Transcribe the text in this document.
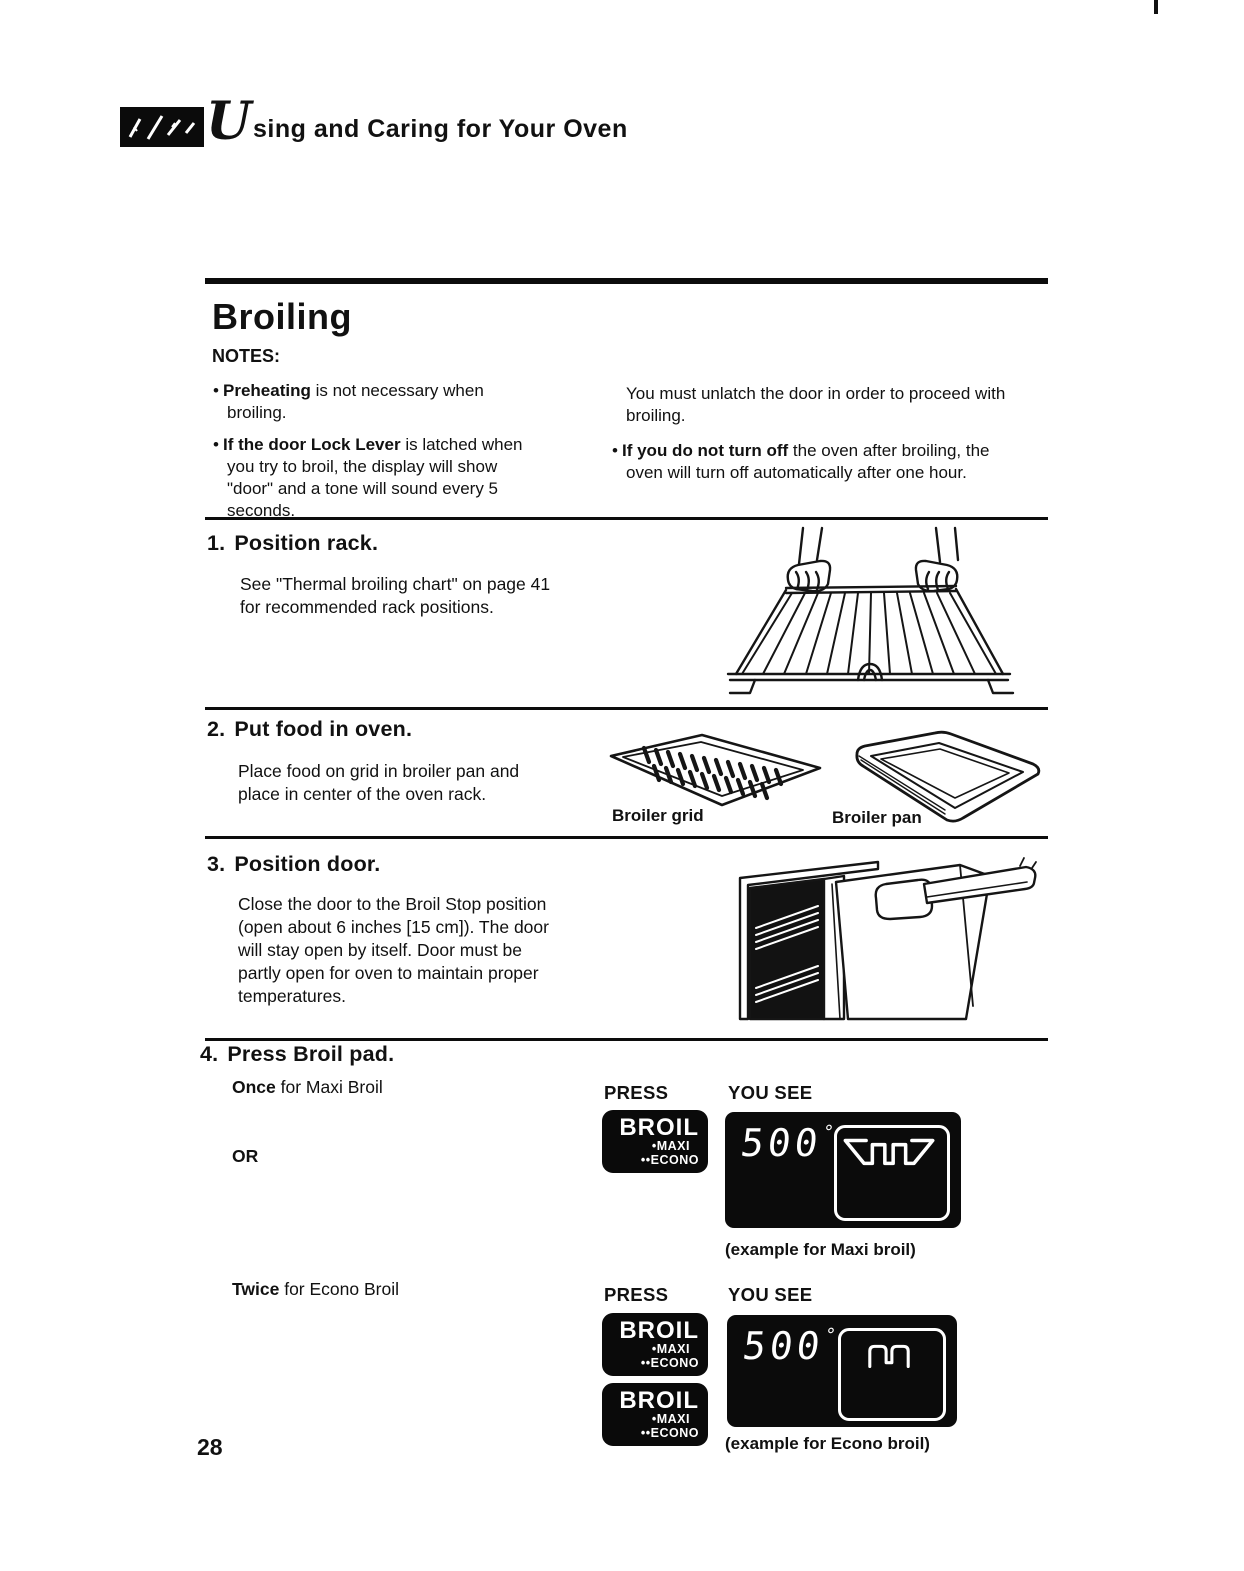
U sing and Caring for Your Oven
Broiling
NOTES:

• Preheating is not necessary when broiling.

• If the door Lock Lever is latched when you try to broil, the display will show "door" and a tone will sound every 5 seconds.

You must unlatch the door in order to proceed with broiling.

• If you do not turn off the oven after broiling, the oven will turn off automatically after one hour.

1. Position rack.
See "Thermal broiling chart" on page 41 for recommended rack positions.
2. Put food in oven.
Place food on grid in broiler pan and place in center of the oven rack.
Broiler grid	Broiler pan
3. Position door.
Close the door to the Broil Stop position (open about 6 inches [15 cm]). The door will stay open by itself. Door must be partly open for oven to maintain proper temperatures.
4. Press Broil pad.
Once for Maxi Broil
OR
Twice for Econo Broil
PRESS	YOU SEE
BROIL
•MAXI
••ECONO 500°
(example for Maxi broil)
PRESS	YOU SEE
BROIL
•MAXI
••ECONO
BROIL
•MAXI
••ECONO
500°
(example for Econo broil)
28
